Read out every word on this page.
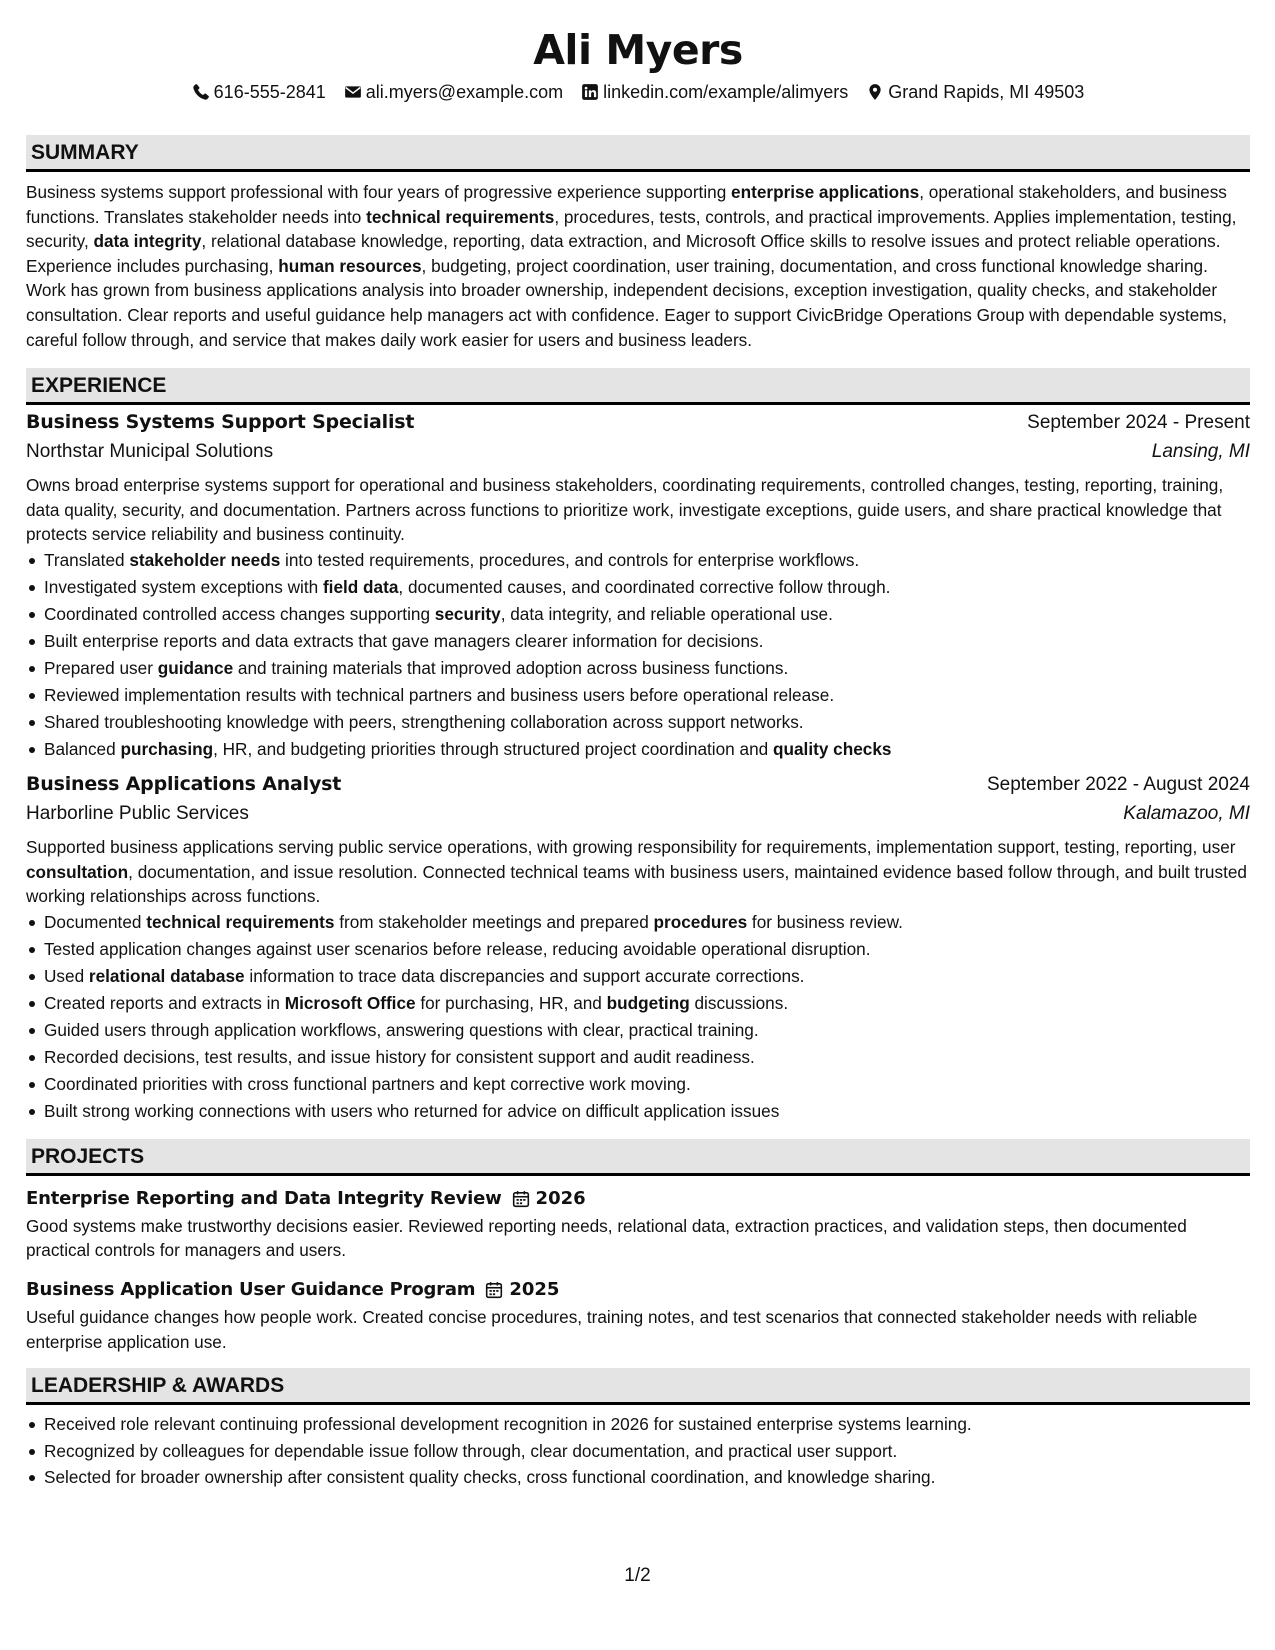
Ali Myers
616-555-2841 ali.myers@example.com linkedin.com/example/alimyers Grand Rapids, MI 49503
SUMMARY

Business systems support professional with four years of progressive experience supporting enterprise applications, operational stakeholders, and business functions. Translates stakeholder needs into technical requirements, procedures, tests, controls, and practical improvements. Applies implementation, testing, security, data integrity, relational database knowledge, reporting, data extraction, and Microsoft Office skills to resolve issues and protect reliable operations. Experience includes purchasing, human resources, budgeting, project coordination, user training, documentation, and cross functional knowledge sharing. Work has grown from business applications analysis into broader ownership, independent decisions, exception investigation, quality checks, and stakeholder consultation. Clear reports and useful guidance help managers act with confidence. Eager to support CivicBridge Operations Group with dependable systems, careful follow through, and service that makes daily work easier for users and business leaders.

EXPERIENCE
Business Systems Support Specialist	September 2024 - Present
Northstar Municipal Solutions	Lansing, MI

Owns broad enterprise systems support for operational and business stakeholders, coordinating requirements, controlled changes, testing, reporting, training, data quality, security, and documentation. Partners across functions to prioritize work, investigate exceptions, guide users, and share practical knowledge that protects service reliability and business continuity.

Translated stakeholder needs into tested requirements, procedures, and controls for enterprise workflows.
Investigated system exceptions with field data, documented causes, and coordinated corrective follow through.
Coordinated controlled access changes supporting security, data integrity, and reliable operational use.
Built enterprise reports and data extracts that gave managers clearer information for decisions.
Prepared user guidance and training materials that improved adoption across business functions.
Reviewed implementation results with technical partners and business users before operational release.
Shared troubleshooting knowledge with peers, strengthening collaboration across support networks.
Balanced purchasing, HR, and budgeting priorities through structured project coordination and quality checks
Business Applications Analyst	September 2022 - August 2024
Harborline Public Services	Kalamazoo, MI

Supported business applications serving public service operations, with growing responsibility for requirements, implementation support, testing, reporting, user consultation, documentation, and issue resolution. Connected technical teams with business users, maintained evidence based follow through, and built trusted working relationships across functions.

Documented technical requirements from stakeholder meetings and prepared procedures for business review.
Tested application changes against user scenarios before release, reducing avoidable operational disruption.
Used relational database information to trace data discrepancies and support accurate corrections.
Created reports and extracts in Microsoft Office for purchasing, HR, and budgeting discussions.
Guided users through application workflows, answering questions with clear, practical training.
Recorded decisions, test results, and issue history for consistent support and audit readiness.
Coordinated priorities with cross functional partners and kept corrective work moving.
Built strong working connections with users who returned for advice on difficult application issues
PROJECTS
Enterprise Reporting and Data Integrity Review 2026

Good systems make trustworthy decisions easier. Reviewed reporting needs, relational data, extraction practices, and validation steps, then documented practical controls for managers and users.

Business Application User Guidance Program 2025

Useful guidance changes how people work. Created concise procedures, training notes, and test scenarios that connected stakeholder needs with reliable enterprise application use.

LEADERSHIP & AWARDS
Received role relevant continuing professional development recognition in 2026 for sustained enterprise systems learning.
Recognized by colleagues for dependable issue follow through, clear documentation, and practical user support.
Selected for broader ownership after consistent quality checks, cross functional coordination, and knowledge sharing.
1/2
